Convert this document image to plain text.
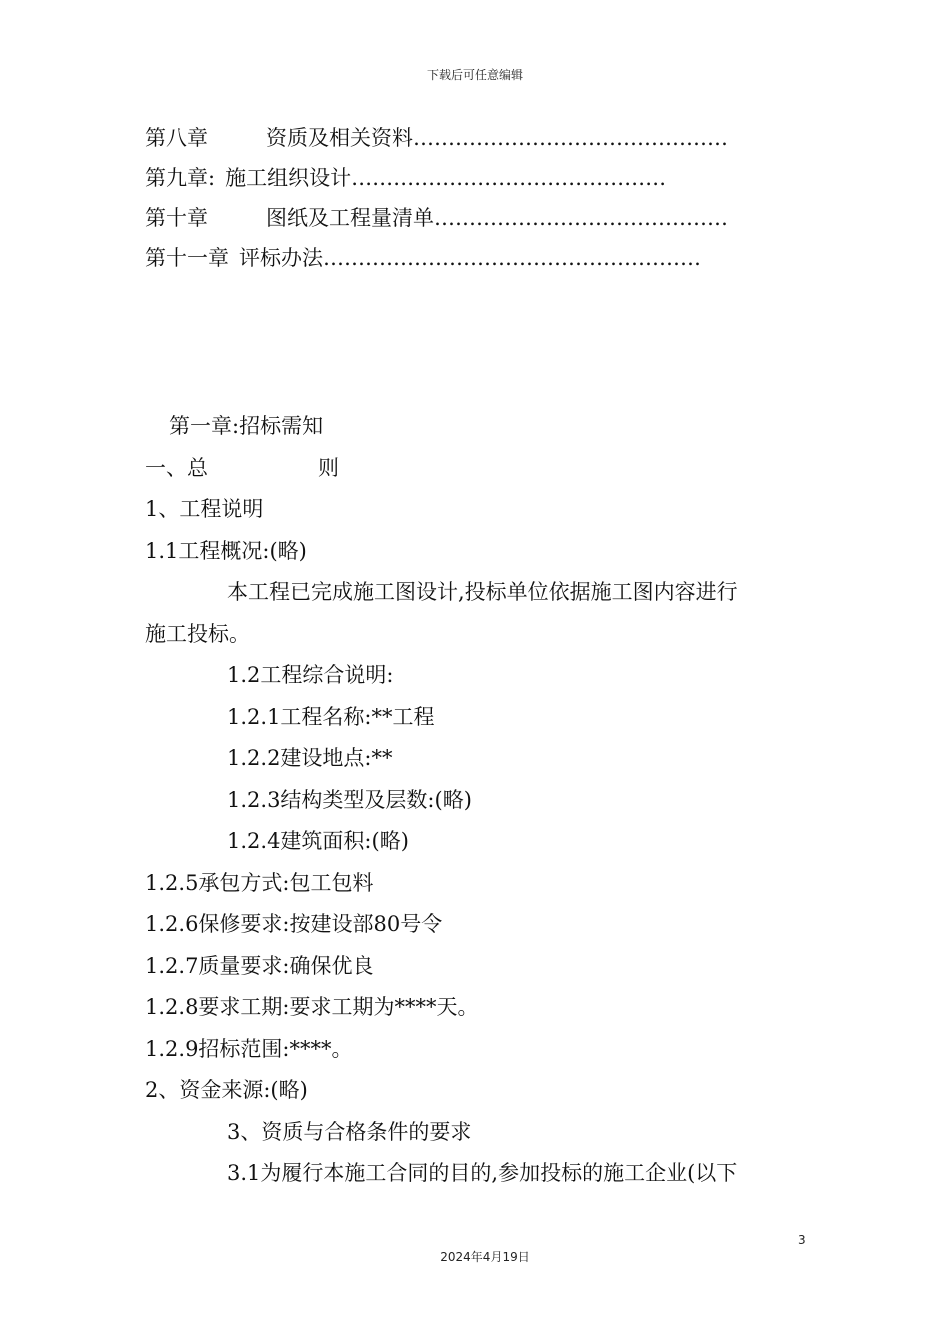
下载后可任意编辑
第八章	资质及相关资料………………………………………
第九章: 施工组织设计………………………………………
第十章	图纸及工程量清单……………………………………
第十一章 评标办法………………………………………………
第一章:招标需知
一、总	则
1、工程说明
1.1工程概况:(略)
本工程已完成施工图设计,投标单位依据施工图内容进行
施工投标。
1.2工程综合说明:
1.2.1工程名称:**工程
1.2.2建设地点:**
1.2.3结构类型及层数:(略)
1.2.4建筑面积:(略)
1.2.5承包方式:包工包料
1.2.6保修要求:按建设部80号令
1.2.7质量要求:确保优良
1.2.8要求工期:要求工期为****天。
1.2.9招标范围:****。
2、资金来源:(略)
3、资质与合格条件的要求
3.1为履行本施工合同的目的,参加投标的施工企业(以下
3
2024年4月19日
